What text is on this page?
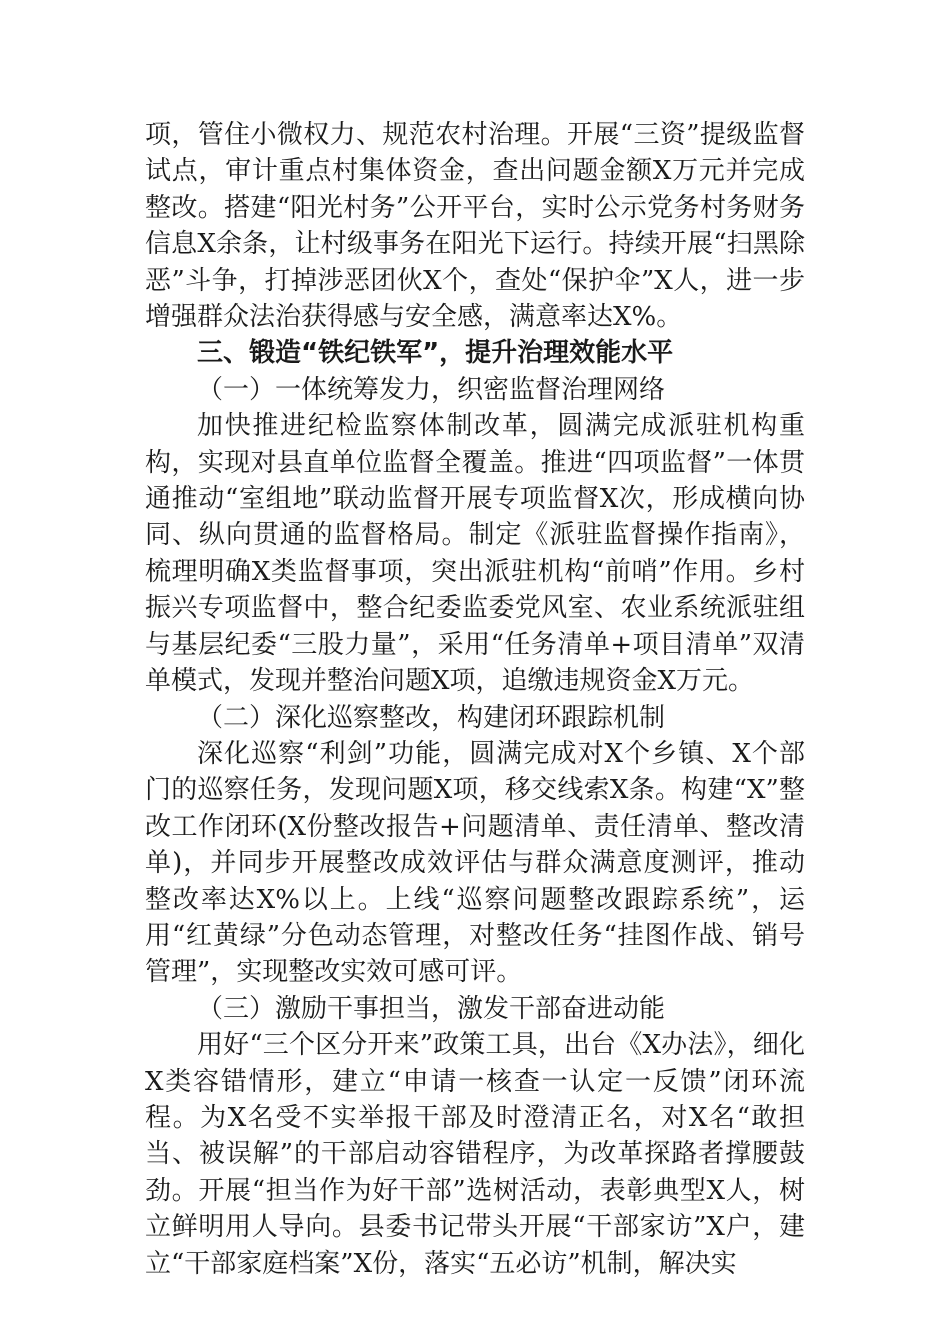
项，管住小微权力、规范农村治理。开展“三资”提级监督试点，审计重点村集体资金，查出问题金额X万元并完成整改。搭建“阳光村务”公开平台，实时公示党务村务财务信息X余条，让村级事务在阳光下运行。持续开展“扫黑除恶”斗争，打掉涉恶团伙X个，查处“保护伞”X人，进一步增强群众法治获得感与安全感，满意率达X%。

三、锻造“铁纪铁军”，提升治理效能水平

（一）一体统筹发力，织密监督治理网络

加快推进纪检监察体制改革，圆满完成派驻机构重构，实现对县直单位监督全覆盖。推进“四项监督”一体贯通推动“室组地”联动监督开展专项监督X次，形成横向协同、纵向贯通的监督格局。制定《派驻监督操作指南》，梳理明确X类监督事项，突出派驻机构“前哨”作用。乡村振兴专项监督中，整合纪委监委党风室、农业系统派驻组与基层纪委“三股力量”，采用“任务清单+项目清单”双清单模式，发现并整治问题X项，追缴违规资金X万元。

（二）深化巡察整改，构建闭环跟踪机制

深化巡察“利剑”功能，圆满完成对X个乡镇、X个部门的巡察任务，发现问题X项，移交线索X条。构建“X”整改工作闭环(X份整改报告+问题清单、责任清单、整改清单)，并同步开展整改成效评估与群众满意度测评，推动整改率达X%以上。上线“巡察问题整改跟踪系统”，运用“红黄绿”分色动态管理，对整改任务“挂图作战、销号管理”，实现整改实效可感可评。

（三）激励干事担当，激发干部奋进动能

用好“三个区分开来”政策工具，出台《X办法》，细化X类容错情形，建立“申请一核查一认定一反馈”闭环流程。为X名受不实举报干部及时澄清正名，对X名“敢担当、被误解”的干部启动容错程序，为改革探路者撑腰鼓劲。开展“担当作为好干部”选树活动，表彰典型X人，树立鲜明用人导向。县委书记带头开展“干部家访”X户，建立“干部家庭档案”X份，落实“五必访”机制，解决实
